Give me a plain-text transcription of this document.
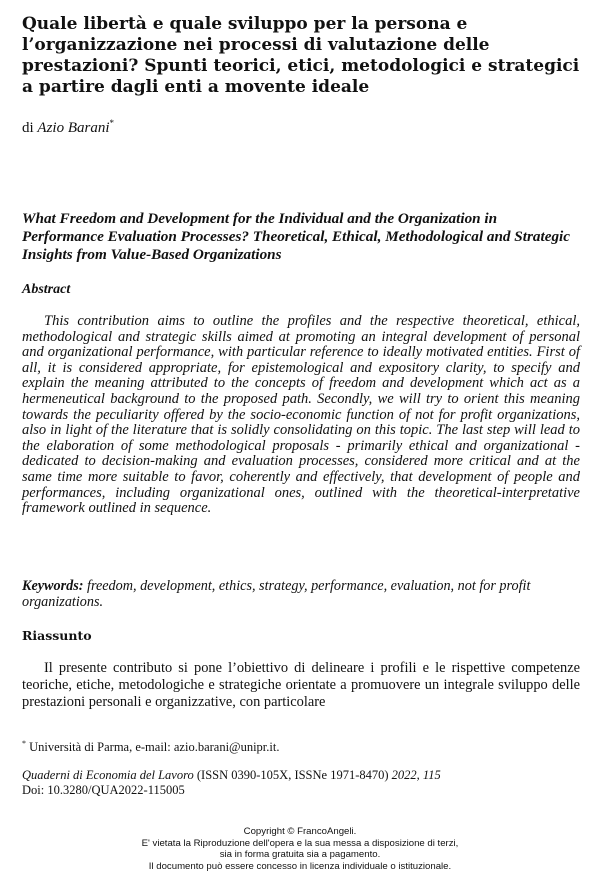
Quale libertà e quale sviluppo per la persona e l’organizzazione nei processi di valutazione delle prestazioni? Spunti teorici, etici, metodologici e strategici a partire dagli enti a movente ideale
di Azio Barani*
What Freedom and Development for the Individual and the Organization in Performance Evaluation Processes? Theoretical, Ethical, Methodological and Strategic Insights from Value-Based Organizations
Abstract

This contribution aims to outline the profiles and the respective theoretical, ethical, methodological and strategic skills aimed at promoting an integral development of personal and organizational performance, with particular reference to ideally motivated entities. First of all, it is considered appropriate, for epistemological and expository clarity, to specify and explain the meaning attributed to the concepts of freedom and development which act as a hermeneutical background to the proposed path. Secondly, we will try to orient this meaning towards the peculiarity offered by the socio-economic function of not for profit organizations, also in light of the literature that is solidly consolidating on this topic. The last step will lead to the elaboration of some methodological proposals - primarily ethical and organizational - dedicated to decision-making and evaluation processes, considered more critical and at the same time more suitable to favor, coherently and effectively, that development of people and performances, including organizational ones, outlined with the theoretical-interpretative framework outlined in sequence.

Keywords: freedom, development, ethics, strategy, performance, evaluation, not for profit organizations.

Riassunto

Il presente contributo si pone l’obiettivo di delineare i profili e le rispettive competenze teoriche, etiche, metodologiche e strategiche orientate a promuovere un integrale sviluppo delle prestazioni personali e organizzative, con particolare

* Università di Parma, e-mail: azio.barani@unipr.it.
Quaderni di Economia del Lavoro (ISSN 0390-105X, ISSNe 1971-8470) 2022, 115
Doi: 10.3280/QUA2022-115005
Copyright © FrancoAngeli.
E' vietata la Riproduzione dell'opera e la sua messa a disposizione di terzi,
sia in forma gratuita sia a pagamento.
Il documento può essere concesso in licenza individuale o istituzionale.
